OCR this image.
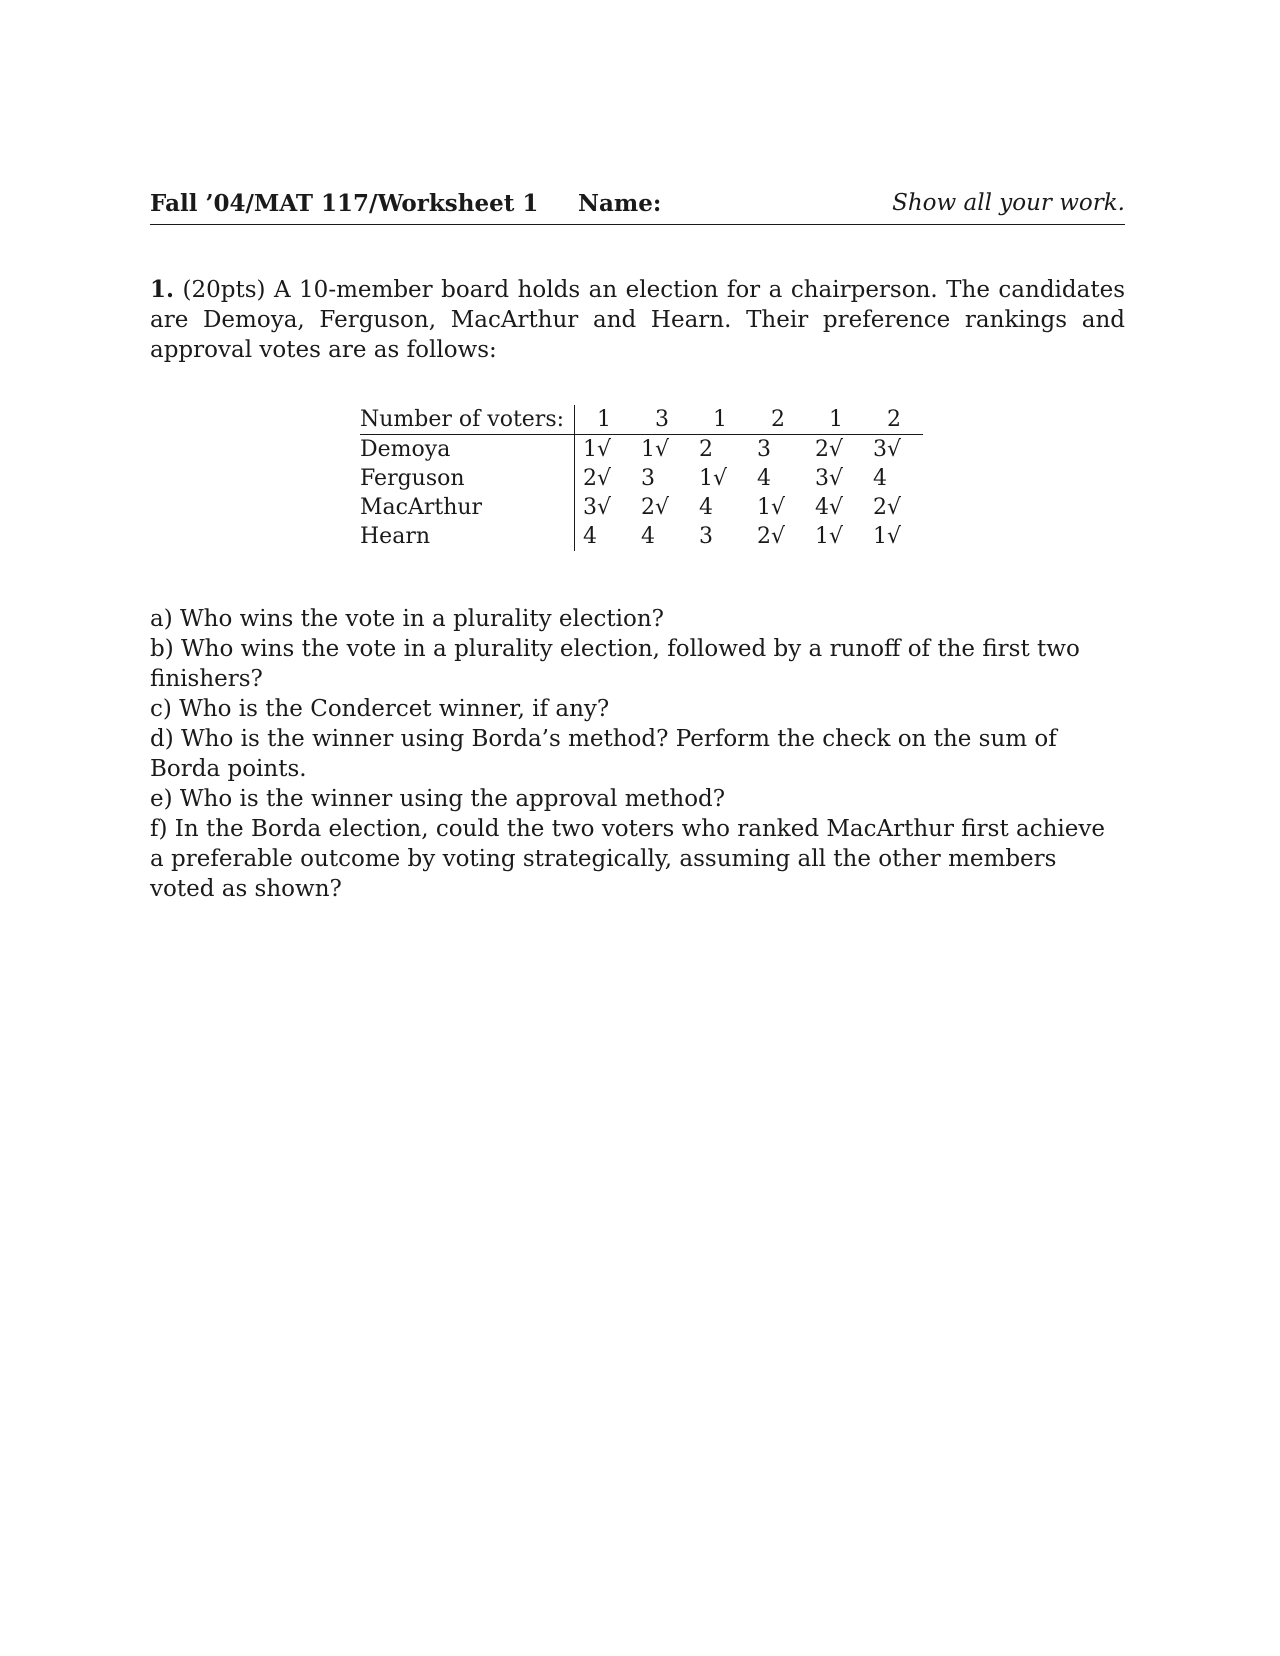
Fall ’04/MAT 117/Worksheet 1 Name:	Show all your work.
1. (20pts) A 10-member board holds an election for a chairperson. The candidates are Demoya, Ferguson, MacArthur and Hearn. Their preference rankings and approval votes are as follows:
Number of voters:	1	3	1	2	1	2
Demoya	1√	1√	2	3	2√	3√
Ferguson	2√	3	1√	4	3√	4
MacArthur	3√	2√	4	1√	4√	2√
Hearn	4	4	3	2√	1√	1√

a) Who wins the vote in a plurality election?

b) Who wins the vote in a plurality election, followed by a runoff of the first two finishers?

c) Who is the Condercet winner, if any?

d) Who is the winner using Borda’s method? Perform the check on the sum of Borda points.

e) Who is the winner using the approval method?

f) In the Borda election, could the two voters who ranked MacArthur first achieve a preferable outcome by voting strategically, assuming all the other members voted as shown?
